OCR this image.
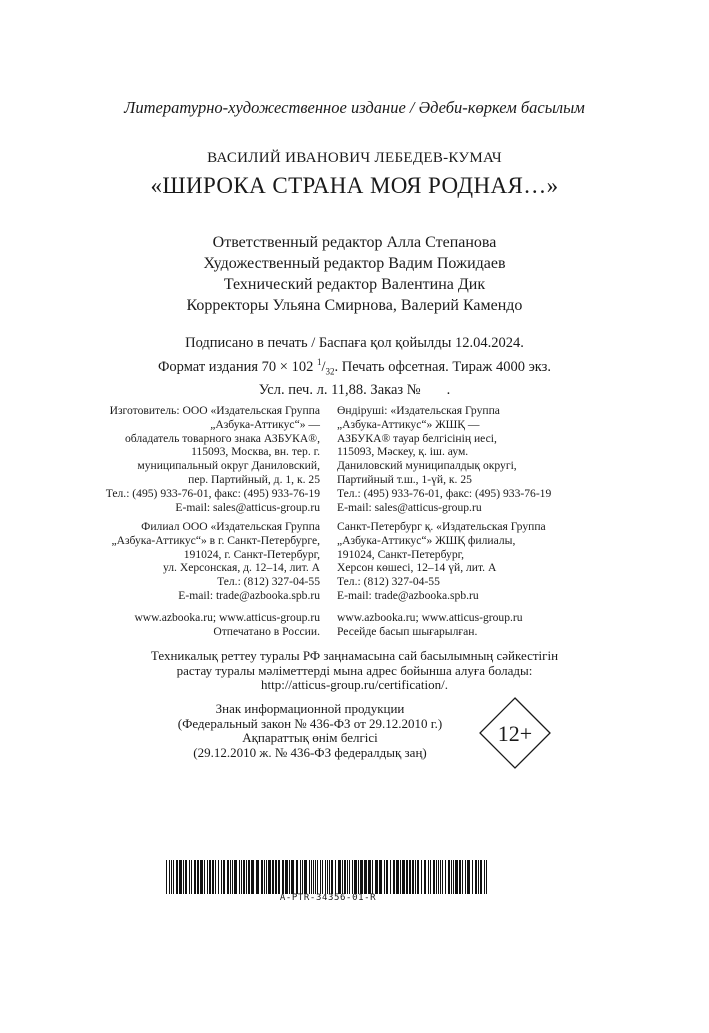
Литературно-художественное издание / Әдеби-көркем басылым
ВАСИЛИЙ ИВАНОВИЧ ЛЕБЕДЕВ-КУМАЧ
«ШИРОКА СТРАНА МОЯ РОДНАЯ…»
Ответственный редактор Алла Степанова
Художественный редактор Вадим Пожидаев
Технический редактор Валентина Дик
Корректоры Ульяна Смирнова, Валерий Камендо
Подписано в печать / Баспаға қол қойылды 12.04.2024.
Формат издания 70 × 102 $^1/_{32}$. Печать офсетная. Тираж 4000 экз.
Усл. печ. л. 11,88. Заказ № .
Изготовитель: ООО «Издательская Группа
„Азбука-Аттикус“» —
обладатель товарного знака АЗБУКА®,
115093, Москва, вн. тер. г.
муниципальный округ Даниловский,
пер. Партийный, д. 1, к. 25
Тел.: (495) 933-76-01, факс: (495) 933-76-19
E-mail: sales@atticus-group.ru
Өндіруші: «Издательская Группа
„Азбука-Аттикус“» ЖШҚ —
АЗБУКА® тауар белгісінің иесі,
115093, Мәскеу, қ. іш. аум.
Даниловский муниципалдық округі,
Партийный т.ш., 1-үй, к. 25
Тел.: (495) 933-76-01, факс: (495) 933-76-19
E-mail: sales@atticus-group.ru
Филиал ООО «Издательская Группа
„Азбука-Аттикус“» в г. Санкт-Петербурге,
191024, г. Санкт-Петербург,
ул. Херсонская, д. 12–14, лит. А
Тел.: (812) 327-04-55
E-mail: trade@azbooka.spb.ru
Санкт-Петербург қ. «Издательская Группа
„Азбука-Аттикус“» ЖШҚ филиалы,
191024, Санкт-Петербург,
Херсон көшесі, 12–14 үй, лит. А
Тел.: (812) 327-04-55
E-mail: trade@azbooka.spb.ru
www.azbooka.ru; www.atticus-group.ru
Отпечатано в России.
www.azbooka.ru; www.atticus-group.ru
Ресейде басып шығарылған.
Техникалық реттеу туралы РФ заңнамасына сай басылымның сәйкестігін
растау туралы мәліметтерді мына адрес бойынша алуға болады:
http://atticus-group.ru/certification/.
Знак информационной продукции
(Федеральный закон № 436-ФЗ от 29.12.2010 г.)
Ақпараттық өнім белгісі
(29.12.2010 ж. № 436-ФЗ федералдық заң)
12+
A-PTR-34356-01-R
